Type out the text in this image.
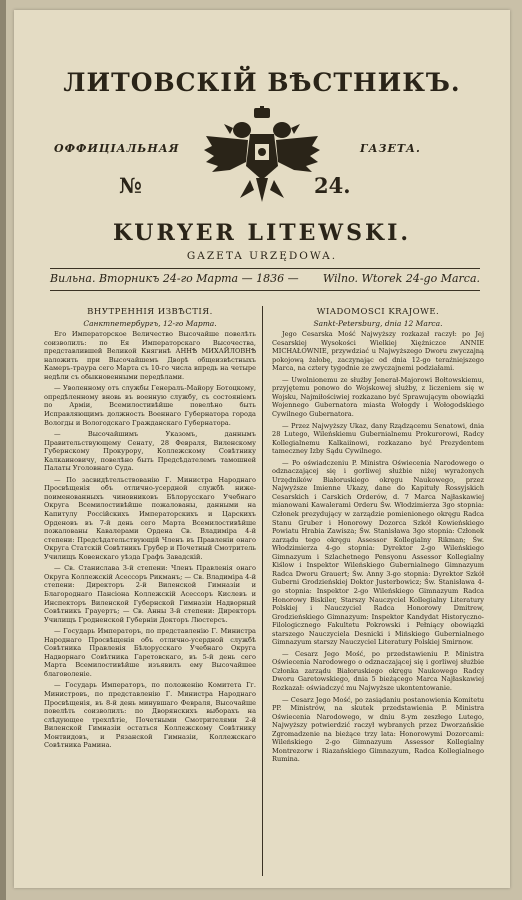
ЛИТОВСКІЙ ВѢСТНИКЪ.
ОФФИЦІАЛЬНАЯ	ГАЗЕТА.
№	24.
KURYER LITEWSKI.
GAZETA URZĘDOWA.
Вильна. Вторникъ 24-го Марта — 1836 — Wilno. Wtorek 24-go Marca.
ВНУТРЕННІЯ ИЗВѢСТІЯ.
Санктпетербургъ, 12-го Марта.

Его Императорское Величество Высочайше повелѣть соизволилъ: по Ея Императорскаго Высочества, представлившей Великой Княгинѣ АННѢ МИХАЙЛОВНѢ наложить при Высочайшемъ Дворѣ общеизвѣстныхъ Камеръ-траура сего Марта съ 10-го числа впредь на четыре недѣли съ обыкновенными передѣлами.

— Уволенному отъ службы Генералъ-Майору Ботоцкому, опредѣленному вновь въ военную службу, съ состояніемъ по Арміи, Всемилостивѣйше повелѣно быть Исправляющимъ должность Военнаго Губернатора города Вологды и Вологодскаго Гражданскаго Губернатора.

— Высочайшимъ Указомъ, даннымъ Правительствующему Сенату, 28 Февраля, Виленскому Губернскому Прокурору, Коллежскому Совѣтнику Калкаиновичу, повелѣно быть Предсѣдателемъ тамошней Палаты Уголовнаго Суда.

— По засвидѣтельствованію Г. Министра Народнаго Просвѣщенія объ отлично-усердной службѣ ниже-поименованныхъ чиновниковъ Бѣлорусскаго Учебнаго Округа Всемилостивѣйше пожалованы, данными на Капитулу Россійскихъ Императорскихъ и Царскихъ Орденовъ въ 7-й день сего Марта Всемилостивѣйше пожалованы Кавалерами Ордена Св. Владиміра 4-й степени: Предсѣдательствующій Членъ въ Правленіи онаго Округа Статскій Совѣтникъ Грубер и Почетный Смотритель Училищъ Ковенскаго уѣзда Графъ Завадскій.

— Св. Станислава 3-й степени: Членъ Правленія онаго Округа Коллежскій Асессоръ Рикманъ; — Св. Владиміра 4-й степени: Директоръ 2-й Виленской Гимназіи и Благороднаго Пансіона Коллежскій Асессоръ Кислевъ и Инспекторъ Виленской Губернской Гимназіи Надворный Совѣтникъ Грауертъ; — Св. Анны 3-й степени: Директоръ Училищъ Гродненской Губерніи Докторъ Люстерсъ.

— Государь Императоръ, по представленію Г. Министра Народнаго Просвѣщенія объ отлично-усердной службѣ Совѣтника Правленія Бѣлорусскаго Учебнаго Округа Надворнаго Совѣтника Гаретовскаго, въ 5-й день сего Марта Всемилостивѣйше изъявилъ ему Высочайшее благоволеніе.

— Государь Императоръ, по положенію Комитета Гг. Министровъ, по представленію Г. Министра Народнаго Просвѣщенія, въ 8-й день минувшаго Февраля, Высочайше повелѣть соизволилъ: по Дворянскихъ выборахъ на слѣдующее трехлѣтіе, Почетными Смотрителями 2-й Виленской Гимназіи остаться Коллежскому Совѣтнику Монтвидовъ, и Рязанской Гимназіи, Коллежскаго Совѣтника Рамина.

WIADOMOŚCI KRAJOWE.
Sankt-Petersburg, dnia 12 Marca.

Jego Cesarska Mość Najwyższy rozkazał raczył: po Jej Cesarskiej Wysokości Wielkiej Xiężniczce ANNIE MICHAŁOWNIE, przywdziać u Najwyższego Dworu zwyczajną pokojową żałobę, zaczynając od dnia 12-go teraźniejszego Marca, na cztery tygodnie ze zwyczajnemi podziałami.

— Uwolnionemu ze służby Jenerał-Majorowi Bołtowskiemu, przyjętemu ponowo do Wojskowej służby, z liczeniem się w Wojsku, Najmiłościwiej rozkazano być Sprawującym obowiązki Wojennego Gubernatora miasta Wołogdy i Wołogodskiego Cywilnego Gubernatora.

— Przez Najwyższy Ukaz, dany Rządzącemu Senatowi, dnia 28 Lutego, Wileńskiemu Gubernialnemu Prokurorowi, Radcy Kollegialnemu Kalkaiinowi, rozkazano być Prezydentem tameczney Izby Sądu Cywilnego.

— Po oświadczeniu P. Ministra Oświecenia Narodowego o odznaczającej się i gorliwej służbie niżej wyrażonych Urzędników Białoruskiego okręgu Naukowego, przez Najwyższe Imienne Ukazy, dane do Kapituły Rossyjskich Cesarskich i Carskich Orderów, d. 7 Marca Najłaskawiej mianowani Kawalerami Orderu Św. Włodzimierza 3go stopnia: Członek prezydujący w zarządzie pomienionego okręgu Radca Stanu Gruber i Honorowy Dozorca Szkół Kowieńskiego Powiatu Hrabia Zawisza; Św. Stanisława 3go stopnia: Członek zarządu tego okręgu Assessor Kollegialny Rikman; Św. Włodzimierza 4-go stopnia: Dyrektor 2-go Wileńskiego Gimnazyum i Szlachetnego Pensyonu Assessor Kollegialny Kiślow i Inspektor Wileńskiego Gubernialnego Gimnazyum Radca Dworu Grauert; Św. Anny 3-go stopnia: Dyrektor Szkół Guberni Grodzieńskiej Doktor Justerbowicz; Św. Stanisława 4-go stopnia: Inspektor 2-go Wileńskiego Gimnazyum Radca Honorowy Biskiler, Starszy Nauczyciel Kollegialny Literatury Polskiej i Nauczyciel Radca Honorowy Dmitrew, Grodzieńskiego Gimnazyum: Inspektor Kandydat Historyczno-Filologicznego Fakultetu Pokrowski i Pełniący obowiązki starszego Nauczyciela Desnicki i Mińskiego Gubernialnego Gimnazyum starszy Nauczyciel Literatury Polskiej Smirnow.

— Cesarz Jego Mość, po przedstawieniu P. Ministra Oświecenia Narodowego o odznaczającej się i gorliwej służbie Członka zarządu Białoruskiego okręgu Naukowego Radcy Dworu Garetowskiego, dnia 5 bieżącego Marca Najłaskawiej Rozkazał: oświadczyć mu Najwyższe ukontentowanie.

— Cesarz Jego Mość, po zasiądaniu postanowienia Komitetu PP. Ministrów, na skutek przedstawienia P. Ministra Oświecenia Narodowego, w dniu 8-ym zeszłego Lutego, Najwyższy potwierdzić raczył wybranych przez Dworzańskie Zgromadzenie na bieżące trzy lata: Honorowymi Dozorcami: Wileńskiego 2-go Gimnazyum Assessor Kollegialny Montrezorw i Riazańskiego Gimnazyum, Radca Kollegialnego Rumina.
